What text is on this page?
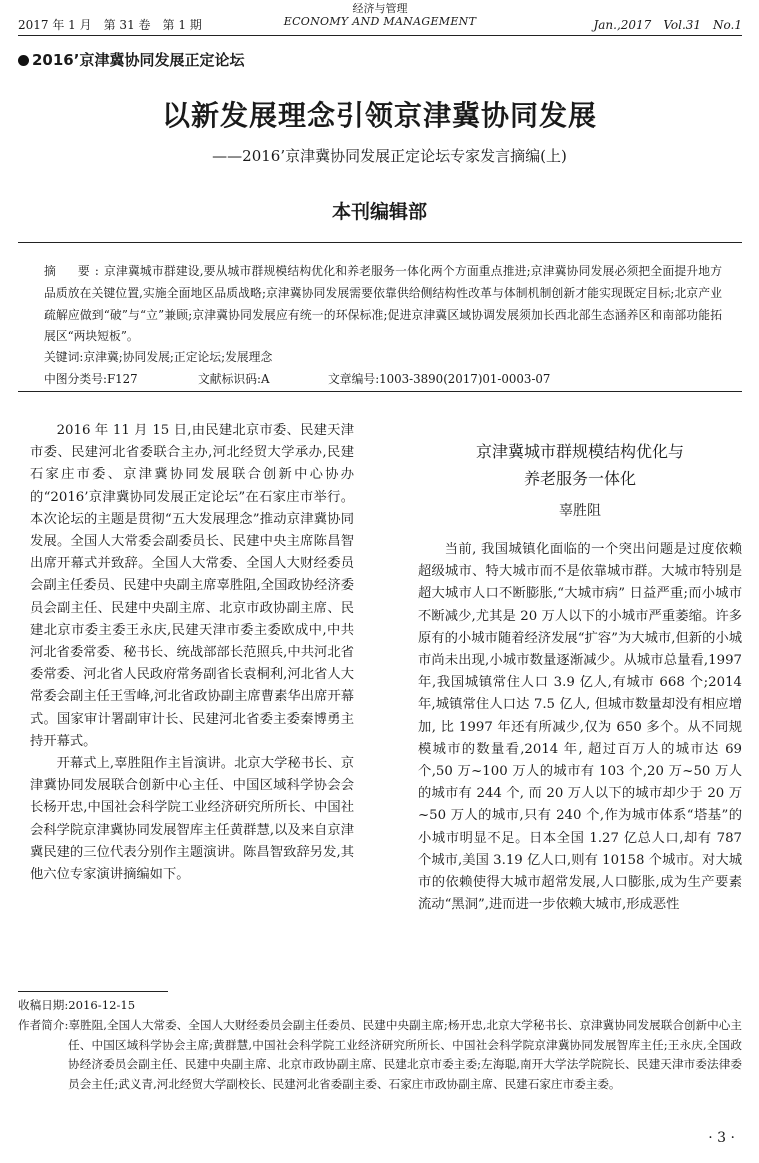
2017 年 1 月　第 31 卷　第 1 期
经济与管理
ECONOMY AND MANAGEMENT	Jan.,2017　Vol.31　No.1
2016’京津冀协同发展正定论坛
以新发展理念引领京津冀协同发展
——2016’京津冀协同发展正定论坛专家发言摘编(上)
本刊编辑部
摘　要:京津冀城市群建设,要从城市群规模结构优化和养老服务一体化两个方面重点推进;京津冀协同发展必须把全面提升地方品质放在关键位置,实施全面地区品质战略;京津冀协同发展需要依靠供给侧结构性改革与体制机制创新才能实现既定目标;北京产业疏解应做到“破”与“立”兼顾;京津冀协同发展应有统一的环保标准;促进京津冀区域协调发展须加长西北部生态涵养区和南部功能拓展区“两块短板”。
关键词:京津冀;协同发展;正定论坛;发展理念
中图分类号:F127	文献标识码:A	文章编号:1003-3890(2017)01-0003-07

2016 年 11 月 15 日,由民建北京市委、民建天津市委、民建河北省委联合主办,河北经贸大学承办,民建石家庄市委、京津冀协同发展联合创新中心协办的“2016’京津冀协同发展正定论坛”在石家庄市举行。本次论坛的主题是贯彻“五大发展理念”推动京津冀协同发展。全国人大常委会副委员长、民建中央主席陈昌智出席开幕式并致辞。全国人大常委、全国人大财经委员会副主任委员、民建中央副主席辜胜阻,全国政协经济委员会副主任、民建中央副主席、北京市政协副主席、民建北京市委主委王永庆,民建天津市委主委欧成中,中共河北省委常委、秘书长、统战部部长范照兵,中共河北省委常委、河北省人民政府常务副省长袁桐利,河北省人大常委会副主任王雪峰,河北省政协副主席曹素华出席开幕式。国家审计署副审计长、民建河北省委主委秦博勇主持开幕式。

开幕式上,辜胜阻作主旨演讲。北京大学秘书长、京津冀协同发展联合创新中心主任、中国区域科学协会会长杨开忠,中国社会科学院工业经济研究所所长、中国社会科学院京津冀协同发展智库主任黄群慧,以及来自京津冀民建的三位代表分别作主题演讲。陈昌智致辞另发,其他六位专家演讲摘编如下。

京津冀城市群规模结构优化与
养老服务一体化
辜胜阻

当前, 我国城镇化面临的一个突出问题是过度依赖超级城市、特大城市而不是依靠城市群。大城市特别是超大城市人口不断膨胀,“大城市病” 日益严重;而小城市不断减少,尤其是 20 万人以下的小城市严重萎缩。许多原有的小城市随着经济发展“扩容”为大城市,但新的小城市尚未出现,小城市数量逐渐减少。从城市总量看,1997 年,我国城镇常住人口 3.9 亿人,有城市 668 个;2014 年,城镇常住人口达 7.5 亿人, 但城市数量却没有相应增加, 比 1997 年还有所减少,仅为 650 多个。从不同规模城市的数量看,2014 年, 超过百万人的城市达 69 个,50 万~100 万人的城市有 103 个,20 万~50 万人的城市有 244 个, 而 20 万人以下的城市却少于 20 万~50 万人的城市,只有 240 个,作为城市体系“塔基”的小城市明显不足。日本全国 1.27 亿总人口,却有 787 个城市,美国 3.19 亿人口,则有 10158 个城市。对大城市的依赖使得大城市超常发展,人口膨胀,成为生产要素流动“黑洞”,进而进一步依赖大城市,形成恶性

收稿日期:2016-12-15
作者简介:辜胜阻,全国人大常委、全国人大财经委员会副主任委员、民建中央副主席;杨开忠,北京大学秘书长、京津冀协同发展联合创新中心主任、中国区域科学协会主席;黄群慧,中国社会科学院工业经济研究所所长、中国社会科学院京津冀协同发展智库主任;王永庆,全国政协经济委员会副主任、民建中央副主席、北京市政协副主席、民建北京市委主委;左海聪,南开大学法学院院长、民建天津市委法律委员会主任;武义青,河北经贸大学副校长、民建河北省委副主委、石家庄市政协副主席、民建石家庄市委主委。
· 3 ·
